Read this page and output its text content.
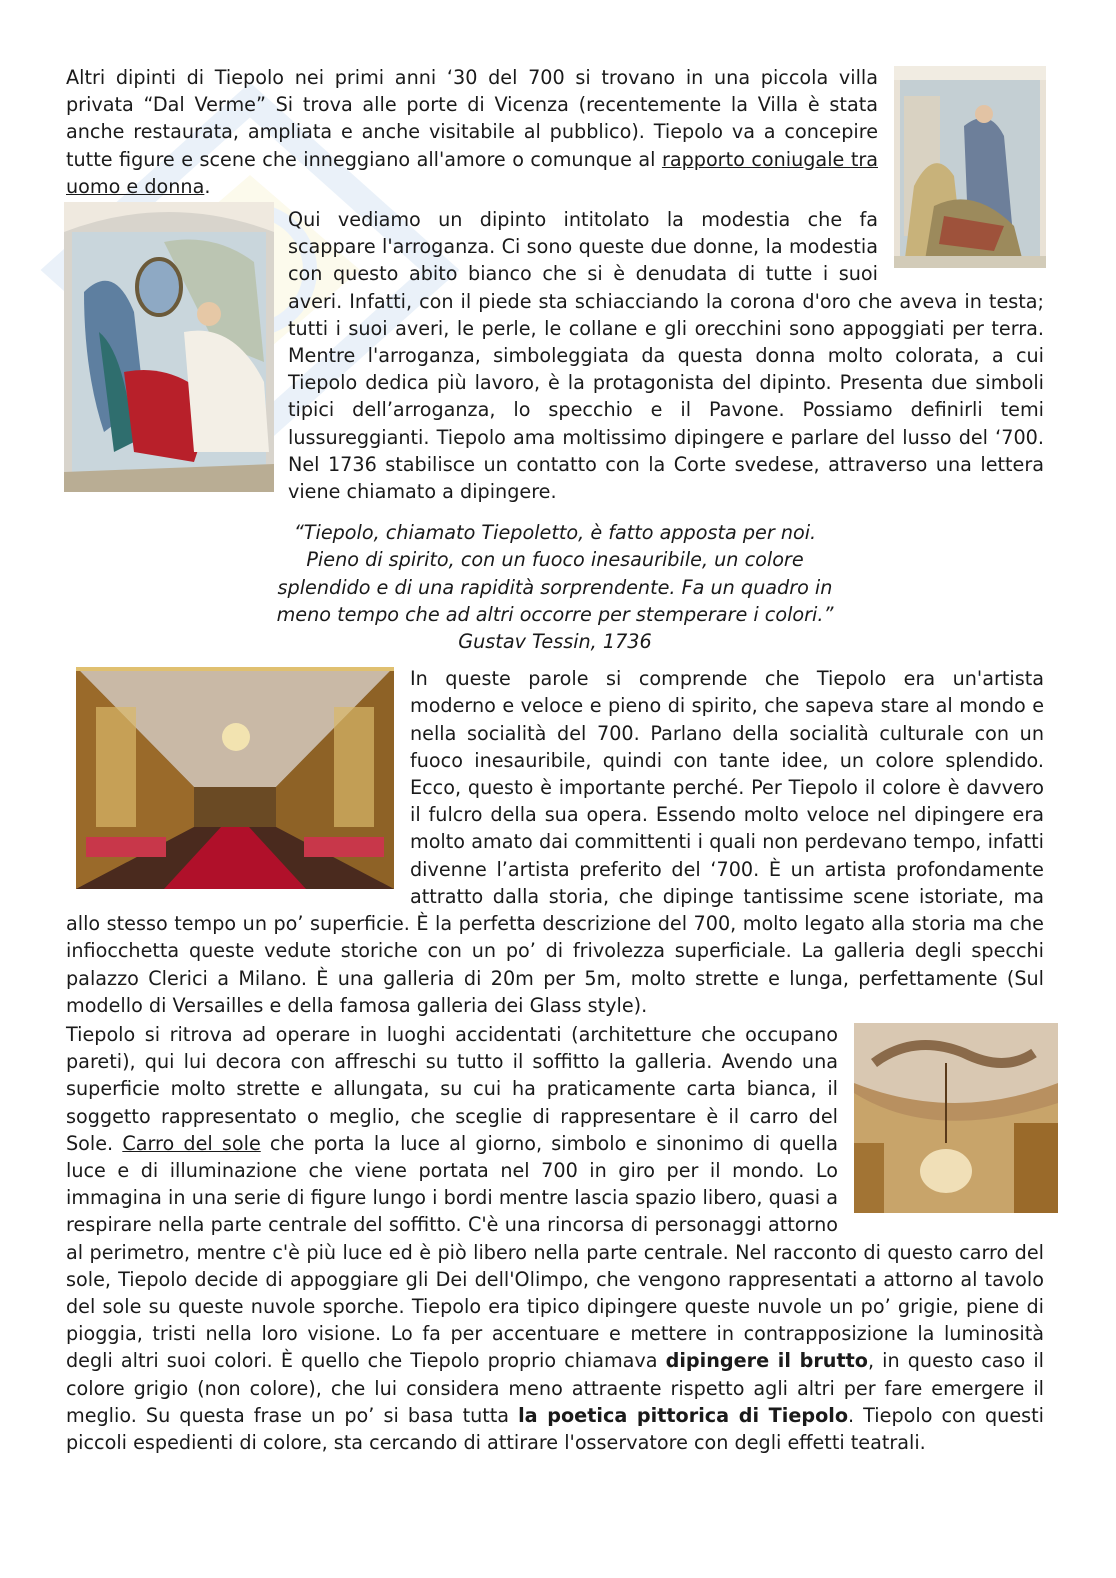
Altri dipinti di Tiepolo nei primi anni ‘30 del 700 si trovano in una piccola villa privata “Dal Verme” Si trova alle porte di Vicenza (recentemente la Villa è stata anche restaurata, ampliata e anche visitabile al pubblico). Tiepolo va a concepire tutte figure e scene che inneggiano all'amore o comunque al rapporto coniugale tra uomo e donna.

Qui vediamo un dipinto intitolato la modestia che fa scappare l'arroganza. Ci sono queste due donne, la modestia con questo abito bianco che si è denudata di tutte i suoi averi. Infatti, con il piede sta schiacciando la corona d'oro che aveva in testa; tutti i suoi averi, le perle, le collane e gli orecchini sono appoggiati per terra. Mentre l'arroganza, simboleggiata da questa donna molto colorata, a cui Tiepolo dedica più lavoro, è la protagonista del dipinto. Presenta due simboli tipici dell’arroganza, lo specchio e il Pavone. Possiamo definirli temi lussureggianti. Tiepolo ama moltissimo dipingere e parlare del lusso del ‘700. Nel 1736 stabilisce un contatto con la Corte svedese, attraverso una lettera viene chiamato a dipingere.

“Tiepolo, chiamato Tiepoletto, è fatto apposta per noi.
Pieno di spirito, con un fuoco inesauribile, un colore
splendido e di una rapidità sorprendente. Fa un quadro in
meno tempo che ad altri occorre per stemperare i colori.”
Gustav Tessin, 1736

In queste parole si comprende che Tiepolo era un'artista moderno e veloce e pieno di spirito, che sapeva stare al mondo e nella socialità del 700. Parlano della socialità culturale con un fuoco inesauribile, quindi con tante idee, un colore splendido. Ecco, questo è importante perché. Per Tiepolo il colore è davvero il fulcro della sua opera. Essendo molto veloce nel dipingere era molto amato dai committenti i quali non perdevano tempo, infatti divenne l’artista preferito del ‘700. È un artista profondamente attratto dalla storia, che dipinge tantissime scene istoriate, ma allo stesso tempo un po’ superficie. È la perfetta descrizione del 700, molto legato alla storia ma che infiocchetta queste vedute storiche con un po’ di frivolezza superficiale. La galleria degli specchi palazzo Clerici a Milano. È una galleria di 20m per 5m, molto strette e lunga, perfettamente (Sul modello di Versailles e della famosa galleria dei Glass style).

Tiepolo si ritrova ad operare in luoghi accidentati (architetture che occupano pareti), qui lui decora con affreschi su tutto il soffitto la galleria. Avendo una superficie molto strette e allungata, su cui ha praticamente carta bianca, il soggetto rappresentato o meglio, che sceglie di rappresentare è il carro del Sole. Carro del sole che porta la luce al giorno, simbolo e sinonimo di quella luce e di illuminazione che viene portata nel 700 in giro per il mondo. Lo immagina in una serie di figure lungo i bordi mentre lascia spazio libero, quasi a respirare nella parte centrale del soffitto. C'è una rincorsa di personaggi attorno al perimetro, mentre c'è più luce ed è piò libero nella parte centrale. Nel racconto di questo carro del sole, Tiepolo decide di appoggiare gli Dei dell'Olimpo, che vengono rappresentati a attorno al tavolo del sole su queste nuvole sporche. Tiepolo era tipico dipingere queste nuvole un po’ grigie, piene di pioggia, tristi nella loro visione. Lo fa per accentuare e mettere in contrapposizione la luminosità degli altri suoi colori. È quello che Tiepolo proprio chiamava dipingere il brutto, in questo caso il colore grigio (non colore), che lui considera meno attraente rispetto agli altri per fare emergere il meglio. Su questa frase un po’ si basa tutta la poetica pittorica di Tiepolo. Tiepolo con questi piccoli espedienti di colore, sta cercando di attirare l'osservatore con degli effetti teatrali.
